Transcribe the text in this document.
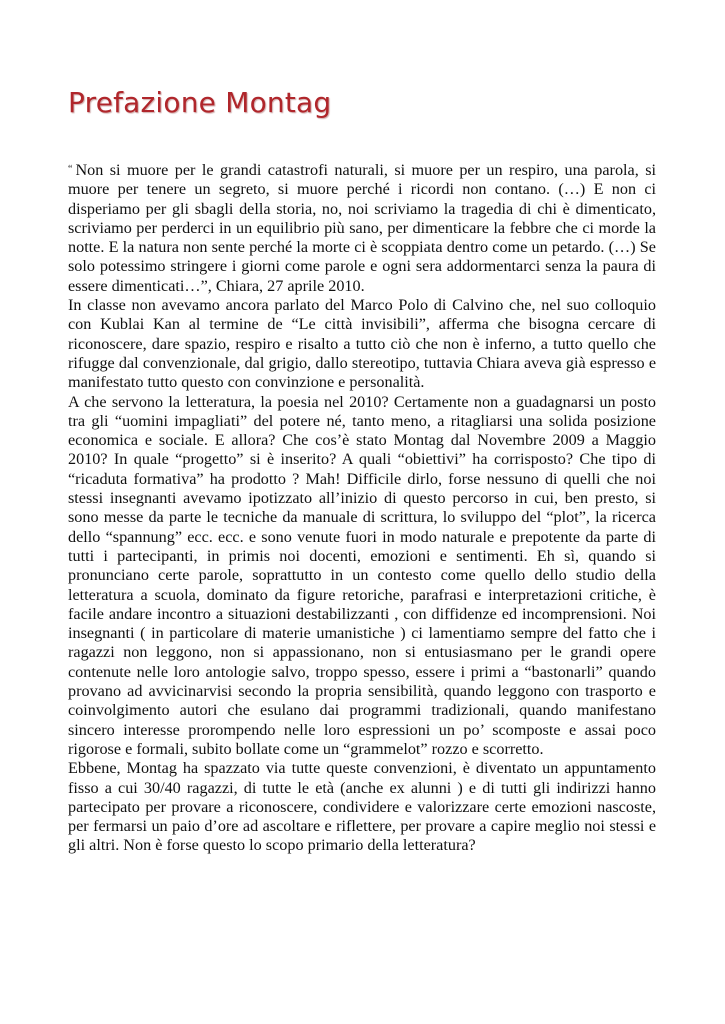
Prefazione Montag

“ Non si muore per le grandi catastrofi naturali, si muore per un respiro, una parola, si muore per tenere un segreto, si muore perché i ricordi non contano. (…) E non ci disperiamo per gli sbagli della storia, no, noi scriviamo la tragedia di chi è dimenticato, scriviamo per perderci in un equilibrio più sano, per dimenticare la febbre che ci morde la notte. E la natura non sente perché la morte ci è scoppiata dentro come un petardo. (…) Se solo potessimo stringere i giorni come parole e ogni sera addormentarci senza la paura di essere dimenticati…”, Chiara, 27 aprile 2010.

In classe non avevamo ancora parlato del Marco Polo di Calvino che, nel suo colloquio con Kublai Kan al termine de “Le città invisibili”, afferma che bisogna cercare di riconoscere, dare spazio, respiro e risalto a tutto ciò che non è inferno, a tutto quello che rifugge dal convenzionale, dal grigio, dallo stereotipo, tuttavia Chiara aveva già espresso e manifestato tutto questo con convinzione e personalità.

A che servono la letteratura, la poesia nel 2010? Certamente non a guadagnarsi un posto tra gli “uomini impagliati” del potere né, tanto meno, a ritagliarsi una solida posizione economica e sociale. E allora? Che cos’è stato Montag dal Novembre 2009 a Maggio 2010? In quale “progetto” si è inserito? A quali “obiettivi” ha corrisposto? Che tipo di “ricaduta formativa” ha prodotto ? Mah! Difficile dirlo, forse nessuno di quelli che noi stessi insegnanti avevamo ipotizzato all’inizio di questo percorso in cui, ben presto, si sono messe da parte le tecniche da manuale di scrittura, lo sviluppo del “plot”, la ricerca dello “spannung” ecc. ecc. e sono venute fuori in modo naturale e prepotente da parte di tutti i partecipanti, in primis noi docenti, emozioni e sentimenti. Eh sì, quando si pronunciano certe parole, soprattutto in un contesto come quello dello studio della letteratura a scuola, dominato da figure retoriche, parafrasi e interpretazioni critiche, è facile andare incontro a situazioni destabilizzanti , con diffidenze ed incomprensioni. Noi insegnanti ( in particolare di materie umanistiche ) ci lamentiamo sempre del fatto che i ragazzi non leggono, non si appassionano, non si entusiasmano per le grandi opere contenute nelle loro antologie salvo, troppo spesso, essere i primi a “bastonarli” quando provano ad avvicinarvisi secondo la propria sensibilità, quando leggono con trasporto e coinvolgimento autori che esulano dai programmi tradizionali, quando manifestano sincero interesse prorompendo nelle loro espressioni un po’ scomposte e assai poco rigorose e formali, subito bollate come un “grammelot” rozzo e scorretto.

Ebbene, Montag ha spazzato via tutte queste convenzioni, è diventato un appuntamento fisso a cui 30/40 ragazzi, di tutte le età (anche ex alunni ) e di tutti gli indirizzi hanno partecipato per provare a riconoscere, condividere e valorizzare certe emozioni nascoste, per fermarsi un paio d’ore ad ascoltare e riflettere, per provare a capire meglio noi stessi e gli altri. Non è forse questo lo scopo primario della letteratura?
